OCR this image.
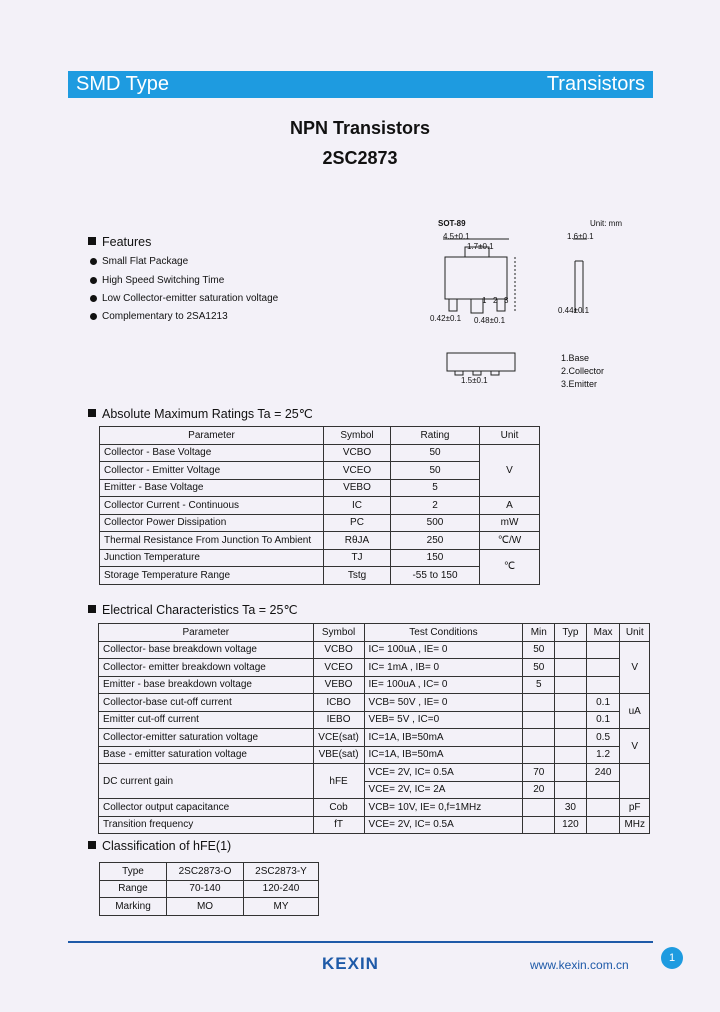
SMD Type	Transistors
NPN Transistors
2SC2873
SOT-89	Unit: mm
4.5±0.1
1.7±0.1
1.6±0.1
0.42±0.1 0.48±0.1
0.44±0.1
1.5±0.1
1 2 3
1.Base
2.Collector
3.Emitter
Features
Small Flat Package
High Speed Switching Time
Low Collector-emitter saturation voltage
Complementary to 2SA1213
Absolute Maximum Ratings Ta = 25℃
Parameter	Symbol	Rating	Unit
Collector - Base Voltage	VCBO	50	V
Collector - Emitter Voltage	VCEO	50	
Emitter - Base Voltage	VEBO	5	
Collector Current - Continuous	IC	2	A
Collector Power Dissipation	PC	500	mW
Thermal Resistance From Junction To Ambient	RθJA	250	℃/W
Junction Temperature	TJ	150	℃
Storage Temperature Range	Tstg	-55 to 150	
Electrical Characteristics Ta = 25℃
Parameter	Symbol	Test Conditions	Min	Typ	Max	Unit
Collector- base breakdown voltage	VCBO	IC= 100uA , IE= 0	50			V
Collector- emitter breakdown voltage	VCEO	IC= 1mA , IB= 0	50			
Emitter - base breakdown voltage	VEBO	IE= 100uA , IC= 0	5			
Collector-base cut-off current	ICBO	VCB= 50V , IE= 0			0.1	uA
Emitter cut-off current	IEBO	VEB= 5V , IC=0			0.1	
Collector-emitter saturation voltage	VCE(sat)	IC=1A, IB=50mA			0.5	V
Base - emitter saturation voltage	VBE(sat)	IC=1A, IB=50mA			1.2	
DC current gain	hFE	VCE= 2V, IC= 0.5A	70		240	
		VCE= 2V, IC= 2A	20			
Collector output capacitance	Cob	VCB= 10V, IE= 0,f=1MHz		30		pF
Transition frequency	fT	VCE= 2V, IC= 0.5A		120		MHz
Classification of hFE(1)
Type	2SC2873-O	2SC2873-Y
Range	70-140	120-240
Marking	MO	MY
KEXIN	www.kexin.com.cn	1
